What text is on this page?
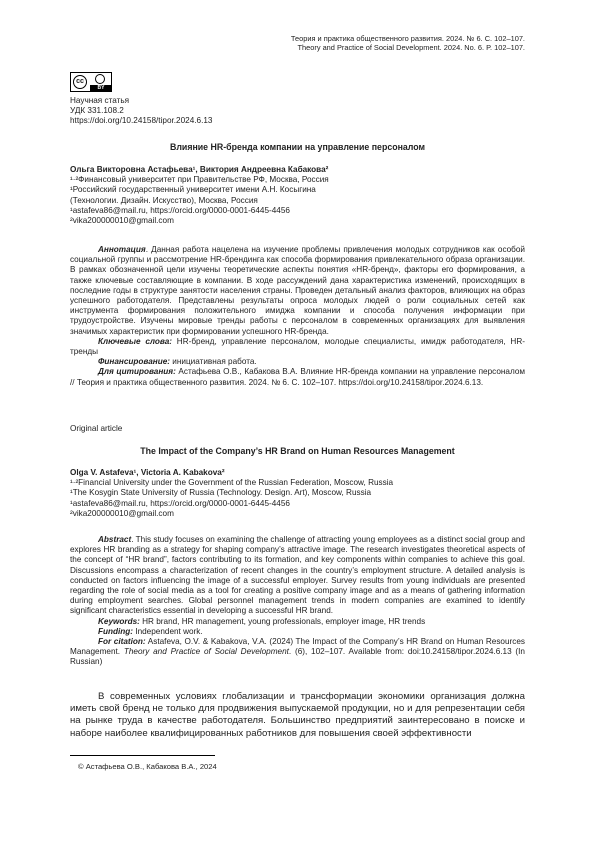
Теория и практика общественного развития. 2024. № 6. С. 102–107.
Theory and Practice of Social Development. 2024. No. 6. P. 102–107.
cc
BY
Научная статья
УДК 331.108.2
https://doi.org/10.24158/tipor.2024.6.13
Влияние HR-бренда компании на управление персоналом
Ольга Викторовна Астафьева¹, Виктория Андреевна Кабакова²
¹·²Финансовый университет при Правительстве РФ, Москва, Россия
¹Российский государственный университет имени А.Н. Косыгина
(Технологии. Дизайн. Искусство), Москва, Россия
¹astafeva86@mail.ru, https://orcid.org/0000-0001-6445-4456
²vika200000010@gmail.com
Аннотация. Данная работа нацелена на изучение проблемы привлечения молодых сотрудников как особой социальной группы и рассмотрение HR-брендинга как способа формирования привлекательного образа организации. В рамках обозначенной цели изучены теоретические аспекты понятия «HR-бренд», факторы его формирования, а также ключевые составляющие в компании. В ходе рассуждений дана характеристика изменений, происходящих в последние годы в структуре занятости населения страны. Проведен детальный анализ факторов, влияющих на образ успешного работодателя. Представлены результаты опроса молодых людей о роли социальных сетей как инструмента формирования положительного имиджа компании и способа получения информации при трудоустройстве. Изучены мировые тренды работы с персоналом в современных организациях для выявления значимых характеристик при формировании успешного HR-бренда.
Ключевые слова: HR-бренд, управление персоналом, молодые специалисты, имидж работодателя, HR-тренды
Финансирование: инициативная работа.
Для цитирования: Астафьева О.В., Кабакова В.А. Влияние HR-бренда компании на управление персоналом // Теория и практика общественного развития. 2024. № 6. С. 102–107. https://doi.org/10.24158/tipor.2024.6.13.
Original article
The Impact of the Company’s HR Brand on Human Resources Management
Olga V. Astafeva¹, Victoria A. Kabakova²
¹·²Financial University under the Government of the Russian Federation, Moscow, Russia
¹The Kosygin State University of Russia (Technology. Design. Art), Moscow, Russia
¹astafeva86@mail.ru, https://orcid.org/0000-0001-6445-4456
²vika200000010@gmail.com
Abstract. This study focuses on examining the challenge of attracting young employees as a distinct social group and explores HR branding as a strategy for shaping company’s attractive image. The research investigates theoretical aspects of the concept of “HR brand”, factors contributing to its formation, and key components within companies to achieve this goal. Discussions encompass a characterization of recent changes in the country’s employment structure. A detailed analysis is conducted on factors influencing the image of a successful employer. Survey results from young individuals are presented regarding the role of social media as a tool for creating a positive company image and as a means of gathering information during employment searches. Global personnel management trends in modern companies are examined to identify significant characteristics essential in developing a successful HR brand.
Keywords: HR brand, HR management, young professionals, employer image, HR trends
Funding: Independent work.
For citation: Astafeva, O.V. & Kabakova, V.A. (2024) The Impact of the Company’s HR Brand on Human Resources Management. Theory and Practice of Social Development. (6), 102–107. Available from: doi:10.24158/tipor.2024.6.13 (In Russian)
В современных условиях глобализации и трансформации экономики организация должна иметь свой бренд не только для продвижения выпускаемой продукции, но и для репрезентации себя на рынке труда в качестве работодателя. Большинство предприятий заинтересовано в поиске и наборе наиболее квалифицированных работников для повышения своей эффективности
© Астафьева О.В., Кабакова В.А., 2024
